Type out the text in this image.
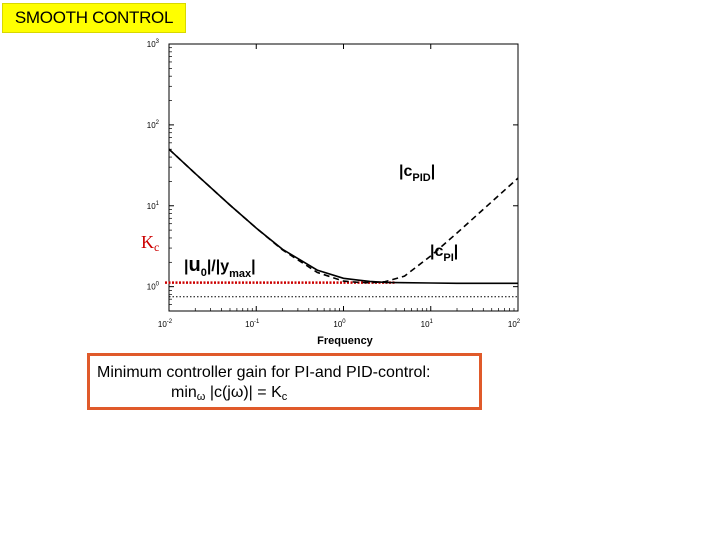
SMOOTH CONTROL
$10^{-2}$	$10^{-1}$	$10^0$	$10^1$	$10^2$
$10^0$
$10^1$
$10^2$
$10^3$
Frequency
Kc
$|c_{PID}|$
$|c_{PI}|$
$|u_0|/|y_{max}|$
Minimum controller gain for PI-and PID-control:
$\min_\omega |c(j\omega)| = K_c$
